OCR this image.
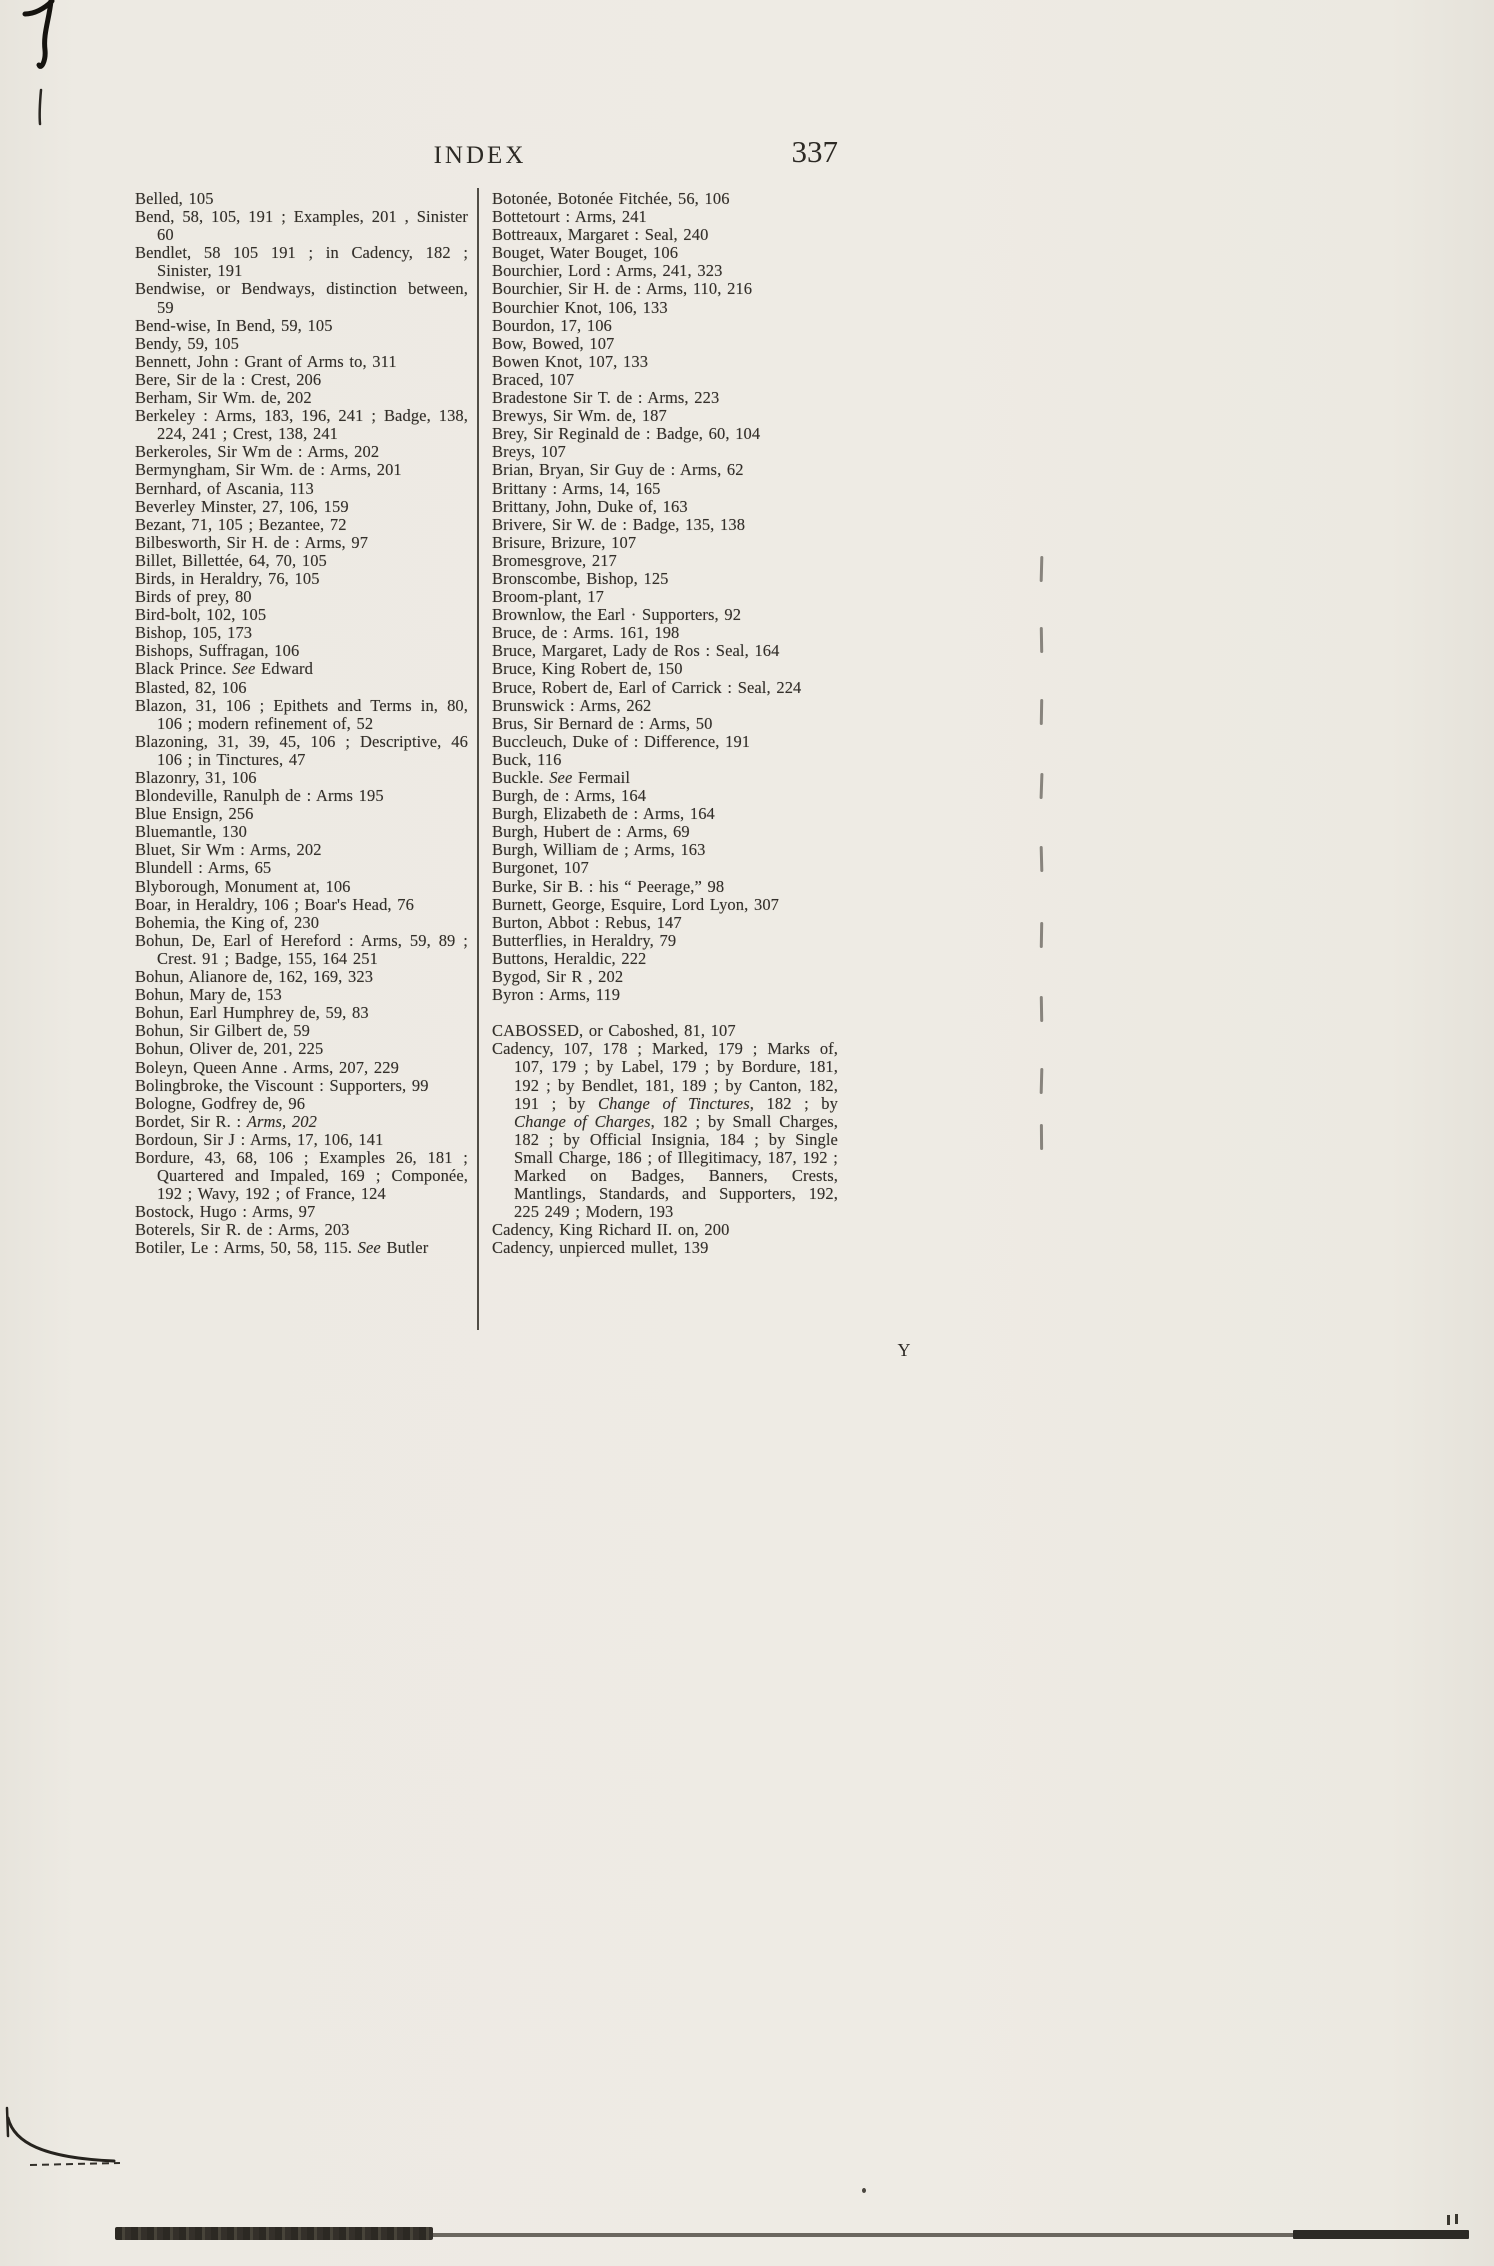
INDEX	337

Belled, 105

Bend, 58, 105, 191 ; Examples, 201 , Sinister 60

Bendlet, 58 105 191 ; in Cadency, 182 ; Sinister, 191

Bendwise, or Bendways, distinction between, 59

Bend-wise, In Bend, 59, 105

Bendy, 59, 105

Bennett, John : Grant of Arms to, 311

Bere, Sir de la : Crest, 206

Berham, Sir Wm. de, 202

Berkeley : Arms, 183, 196, 241 ; Badge, 138, 224, 241 ; Crest, 138, 241

Berkeroles, Sir Wm de : Arms, 202

Bermyngham, Sir Wm. de : Arms, 201

Bernhard, of Ascania, 113

Beverley Minster, 27, 106, 159

Bezant, 71, 105 ; Bezantee, 72

Bilbesworth, Sir H. de : Arms, 97

Billet, Billettée, 64, 70, 105

Birds, in Heraldry, 76, 105

Birds of prey, 80

Bird-bolt, 102, 105

Bishop, 105, 173

Bishops, Suffragan, 106

Black Prince. See Edward

Blasted, 82, 106

Blazon, 31, 106 ; Epithets and Terms in, 80, 106 ; modern refinement of, 52

Blazoning, 31, 39, 45, 106 ; Descriptive, 46 106 ; in Tinctures, 47

Blazonry, 31, 106

Blondeville, Ranulph de : Arms 195

Blue Ensign, 256

Bluemantle, 130

Bluet, Sir Wm : Arms, 202

Blundell : Arms, 65

Blyborough, Monument at, 106

Boar, in Heraldry, 106 ; Boar's Head, 76

Bohemia, the King of, 230

Bohun, De, Earl of Hereford : Arms, 59, 89 ; Crest. 91 ; Badge, 155, 164 251

Bohun, Alianore de, 162, 169, 323

Bohun, Mary de, 153

Bohun, Earl Humphrey de, 59, 83

Bohun, Sir Gilbert de, 59

Bohun, Oliver de, 201, 225

Boleyn, Queen Anne . Arms, 207, 229

Bolingbroke, the Viscount : Supporters, 99

Bologne, Godfrey de, 96

Bordet, Sir R. : Arms, 202

Bordoun, Sir J : Arms, 17, 106, 141

Bordure, 43, 68, 106 ; Examples 26, 181 ; Quartered and Impaled, 169 ; Componée, 192 ; Wavy, 192 ; of France, 124

Bostock, Hugo : Arms, 97

Boterels, Sir R. de : Arms, 203

Botiler, Le : Arms, 50, 58, 115. See Butler

Botonée, Botonée Fitchée, 56, 106

Bottetourt : Arms, 241

Bottreaux, Margaret : Seal, 240

Bouget, Water Bouget, 106

Bourchier, Lord : Arms, 241, 323

Bourchier, Sir H. de : Arms, 110, 216

Bourchier Knot, 106, 133

Bourdon, 17, 106

Bow, Bowed, 107

Bowen Knot, 107, 133

Braced, 107

Bradestone Sir T. de : Arms, 223

Brewys, Sir Wm. de, 187

Brey, Sir Reginald de : Badge, 60, 104

Breys, 107

Brian, Bryan, Sir Guy de : Arms, 62

Brittany : Arms, 14, 165

Brittany, John, Duke of, 163

Brivere, Sir W. de : Badge, 135, 138

Brisure, Brizure, 107

Bromesgrove, 217

Bronscombe, Bishop, 125

Broom-plant, 17

Brownlow, the Earl · Supporters, 92

Bruce, de : Arms. 161, 198

Bruce, Margaret, Lady de Ros : Seal, 164

Bruce, King Robert de, 150

Bruce, Robert de, Earl of Carrick : Seal, 224

Brunswick : Arms, 262

Brus, Sir Bernard de : Arms, 50

Buccleuch, Duke of : Difference, 191

Buck, 116

Buckle. See Fermail

Burgh, de : Arms, 164

Burgh, Elizabeth de : Arms, 164

Burgh, Hubert de : Arms, 69

Burgh, William de ; Arms, 163

Burgonet, 107

Burke, Sir B. : his “ Peerage,” 98

Burnett, George, Esquire, Lord Lyon, 307

Burton, Abbot : Rebus, 147

Butterflies, in Heraldry, 79

Buttons, Heraldic, 222

Bygod, Sir R , 202

Byron : Arms, 119

CABOSSED, or Caboshed, 81, 107

Cadency, 107, 178 ; Marked, 179 ; Marks of, 107, 179 ; by Label, 179 ; by Bordure, 181, 192 ; by Bendlet, 181, 189 ; by Canton, 182, 191 ; by Change of Tinctures, 182 ; by Change of Charges, 182 ; by Small Charges, 182 ; by Official Insignia, 184 ; by Single Small Charge, 186 ; of Illegitimacy, 187, 192 ; Marked on Badges, Banners, Crests, Mantlings, Standards, and Supporters, 192, 225 249 ; Modern, 193

Cadency, King Richard II. on, 200

Cadency, unpierced mullet, 139

Y
